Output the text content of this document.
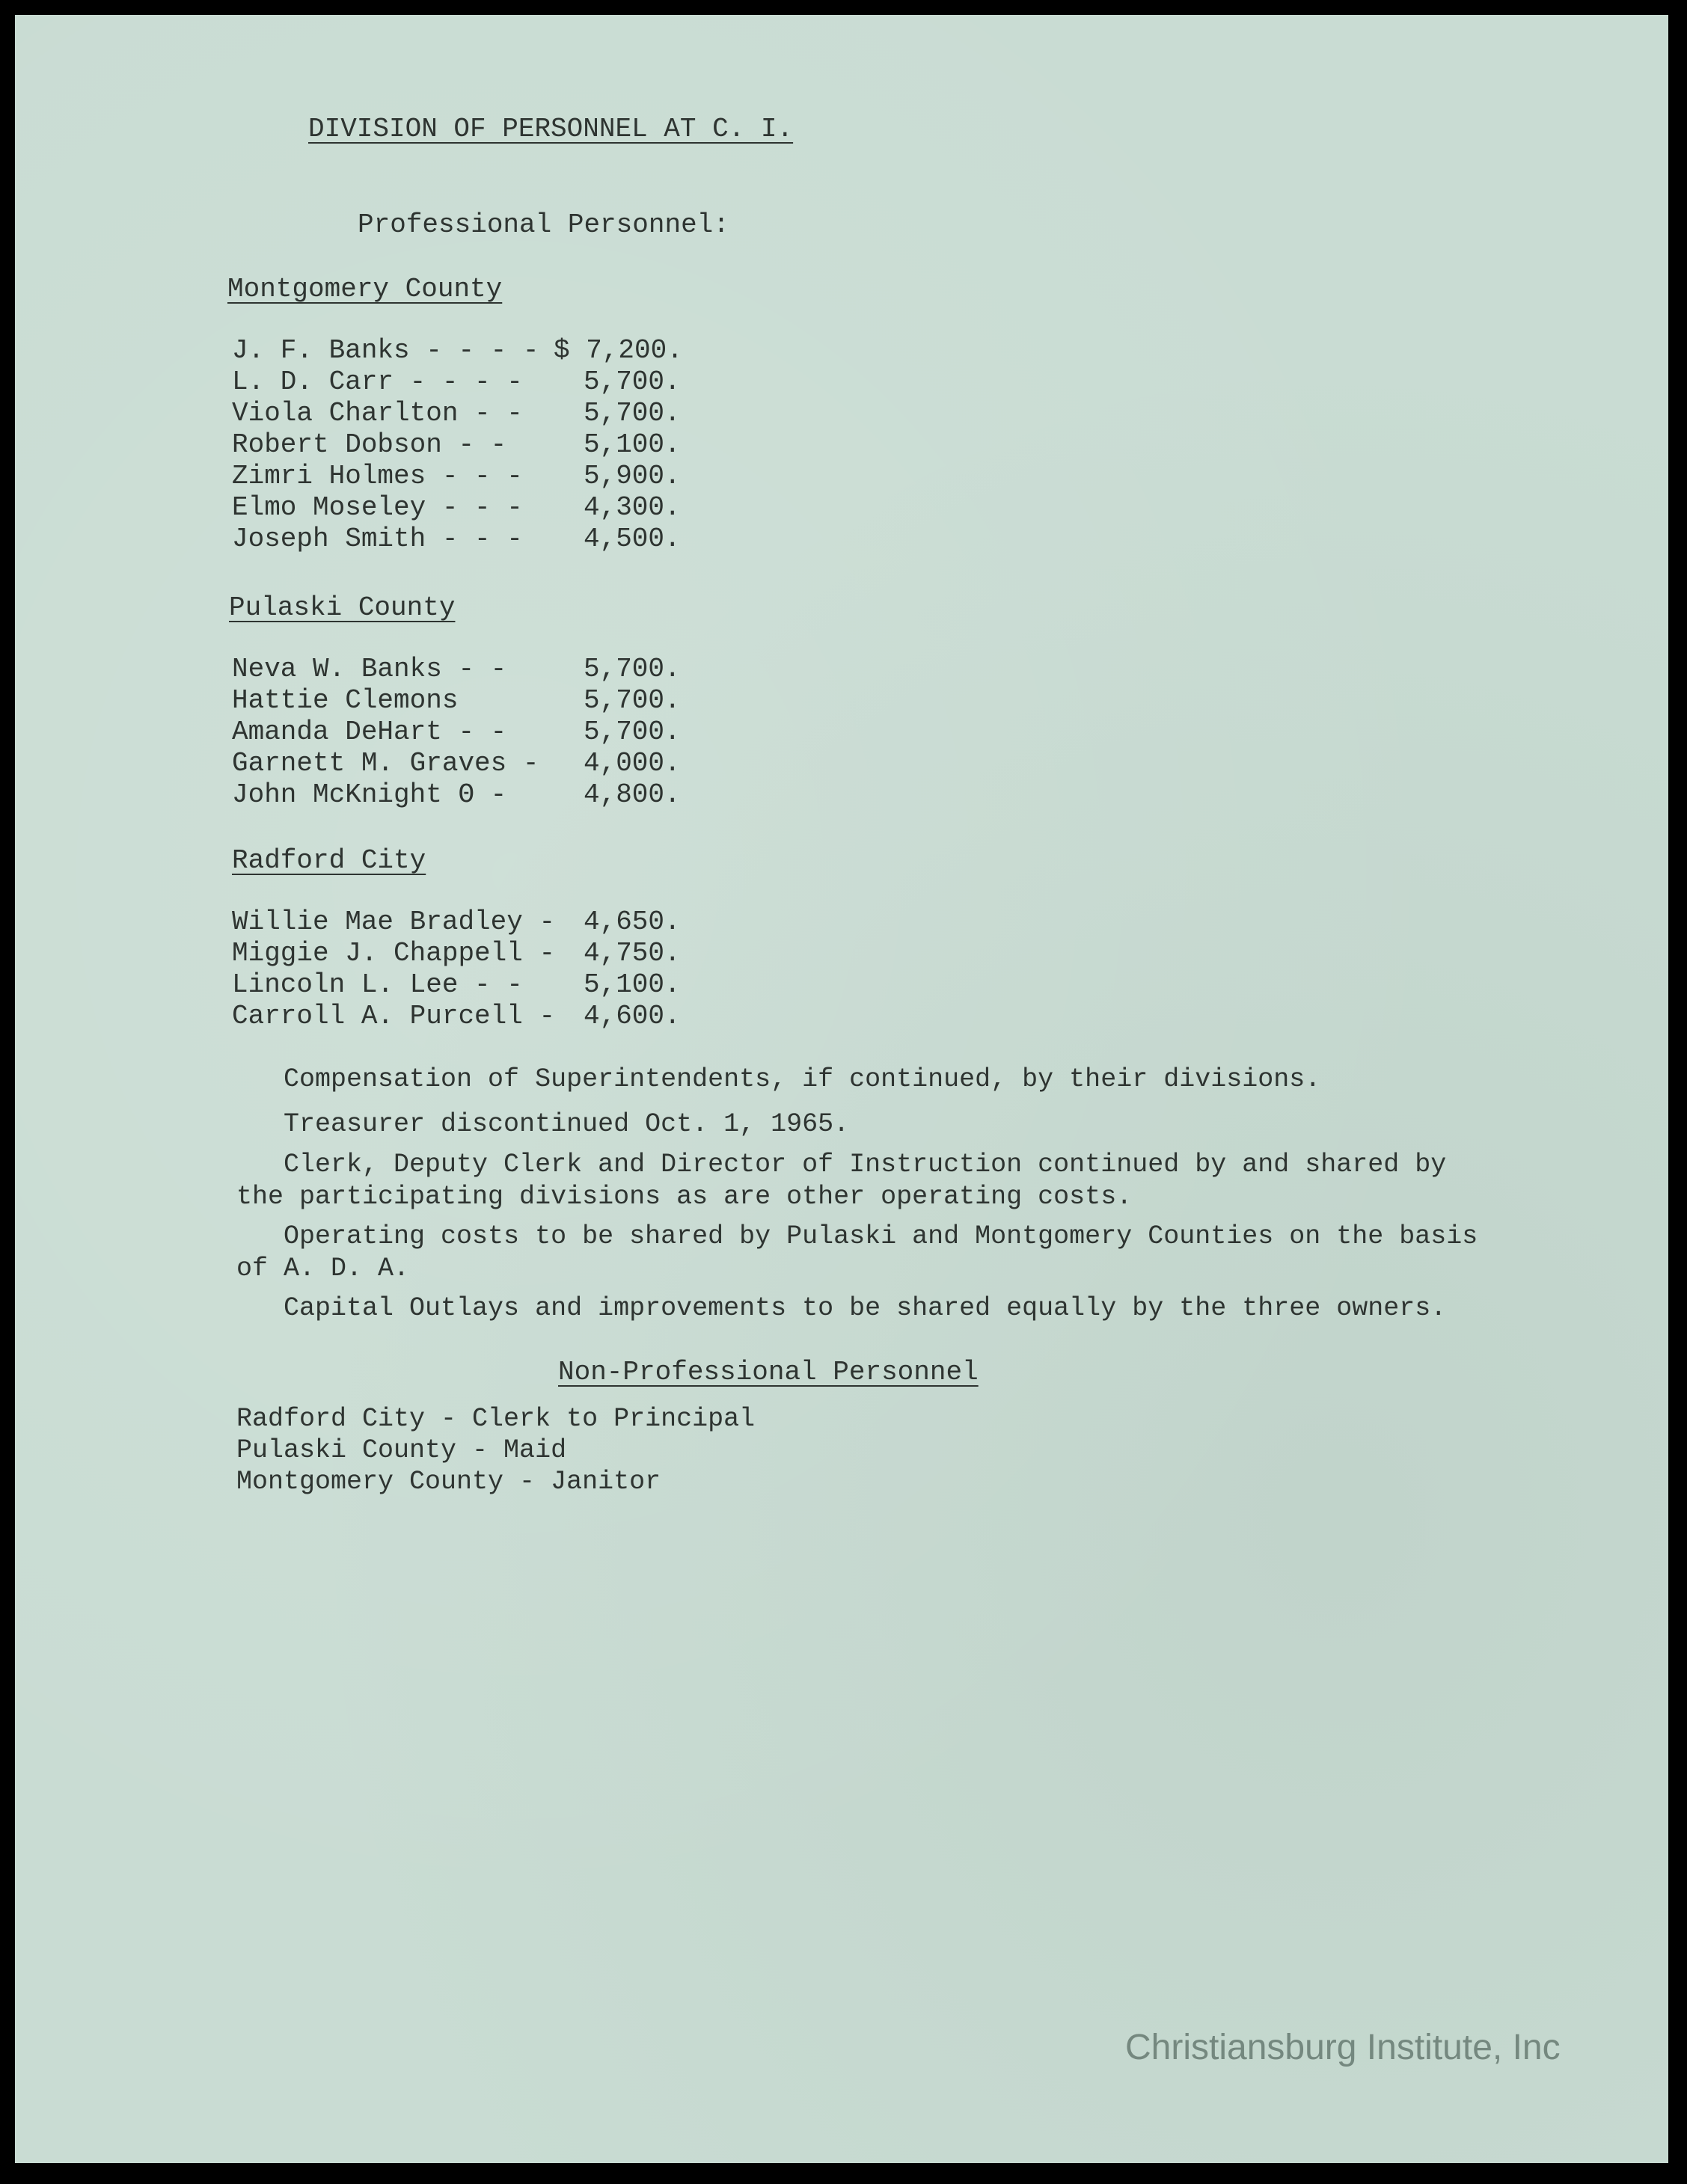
DIVISION OF PERSONNEL AT C. I.
Professional Personnel:
Montgomery County
J. F. Banks - - - - $ 7,200.
L. D. Carr - - - -	5,700.
Viola Charlton - -	5,700.
Robert Dobson - -	5,100.
Zimri Holmes - - -	5,900.
Elmo Moseley - - -	4,300.
Joseph Smith - - -	4,500.
Pulaski County
Neva W. Banks - -	5,700.
Hattie Clemons	5,700.
Amanda DeHart - -	5,700.
Garnett M. Graves -	4,000.
John McKnight Θ -	4,800.
Radford City
Willie Mae Bradley -	4,650.
Miggie J. Chappell -	4,750.
Lincoln L. Lee - -	5,100.
Carroll A. Purcell -	4,600.
Compensation of Superintendents, if continued, by their divisions.
Treasurer discontinued Oct. 1, 1965.
Clerk, Deputy Clerk and Director of Instruction continued by and shared by
the participating divisions as are other operating costs.
Operating costs to be shared by Pulaski and Montgomery Counties on the basis
of A. D. A.
Capital Outlays and improvements to be shared equally by the three owners.
Non-Professional Personnel
Radford City - Clerk to Principal
Pulaski County - Maid
Montgomery County - Janitor
Christiansburg Institute, Inc
